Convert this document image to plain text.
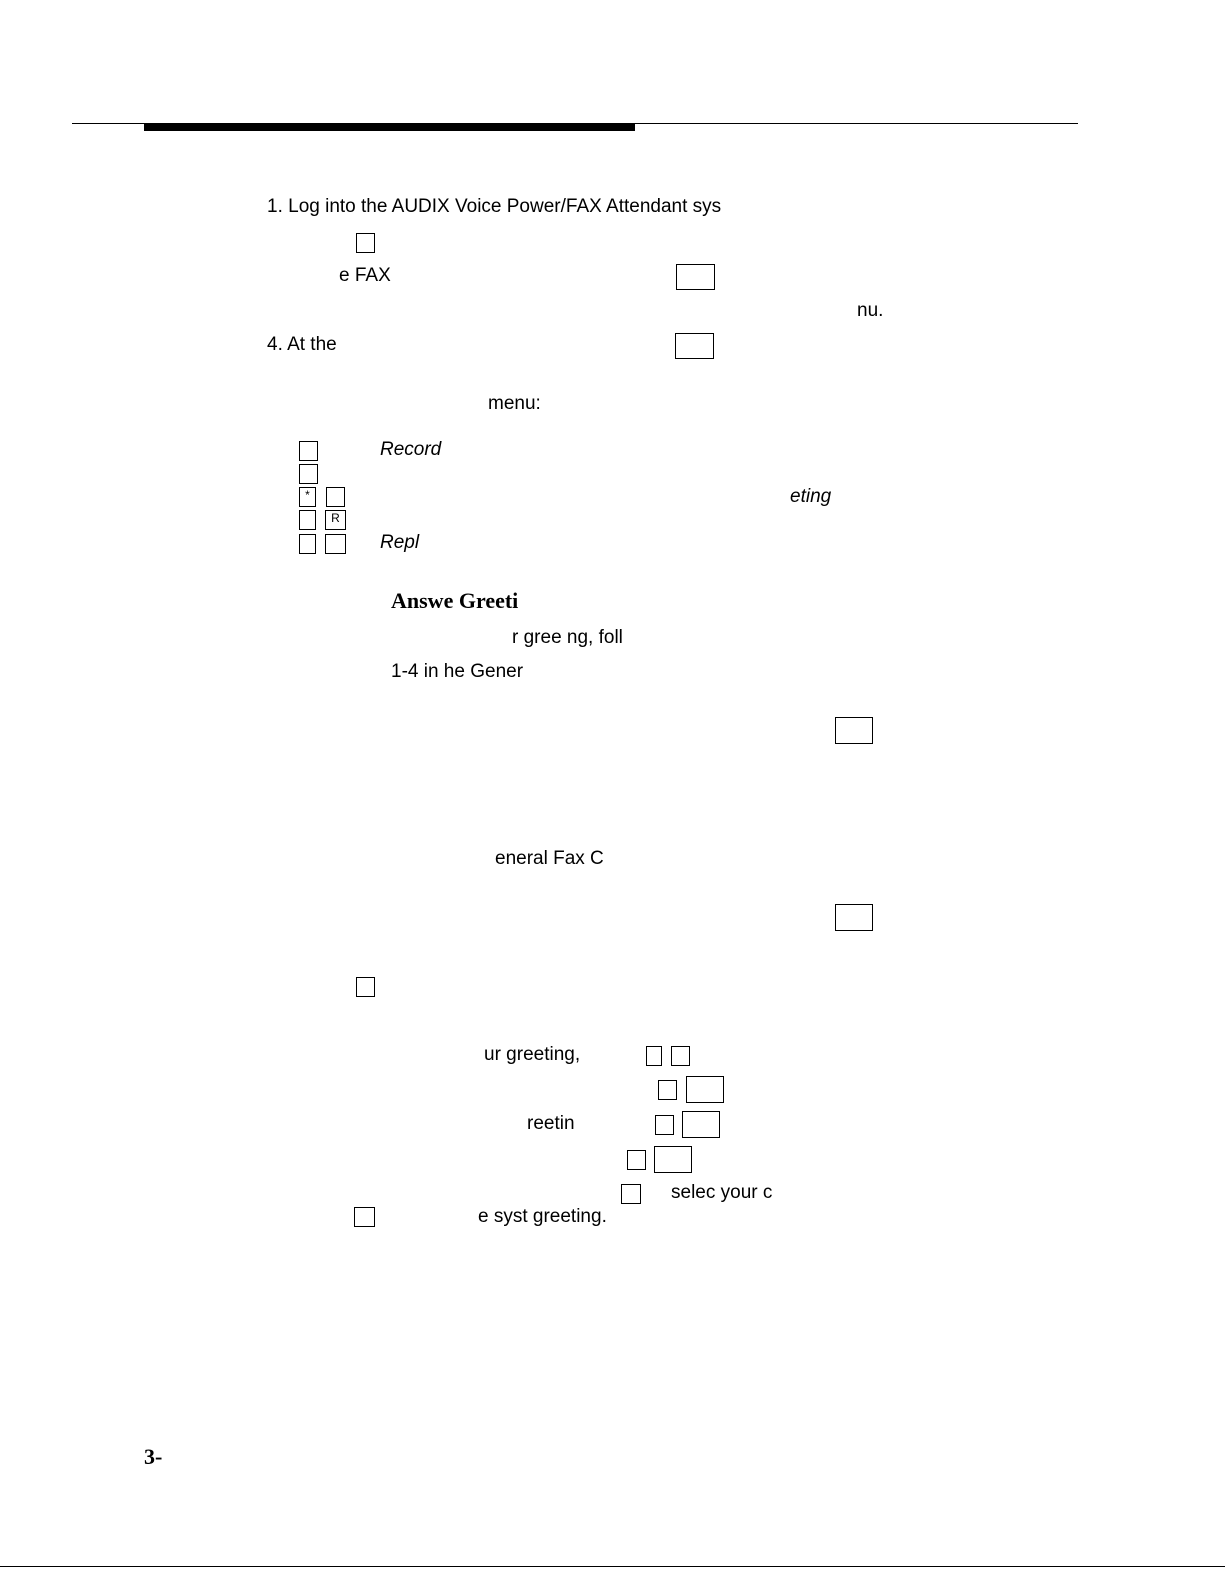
1. Log into the AUDIX Voice Power/FAX Attendant sys
e FAX
nu.
4. At the
menu:
Record
*	eting
R
Repl
Answe Greeti
r gree ng, foll
1-4 in he Gener
eneral Fax C
ur greeting,
reetin
selec your c
e syst greeting.
3-
